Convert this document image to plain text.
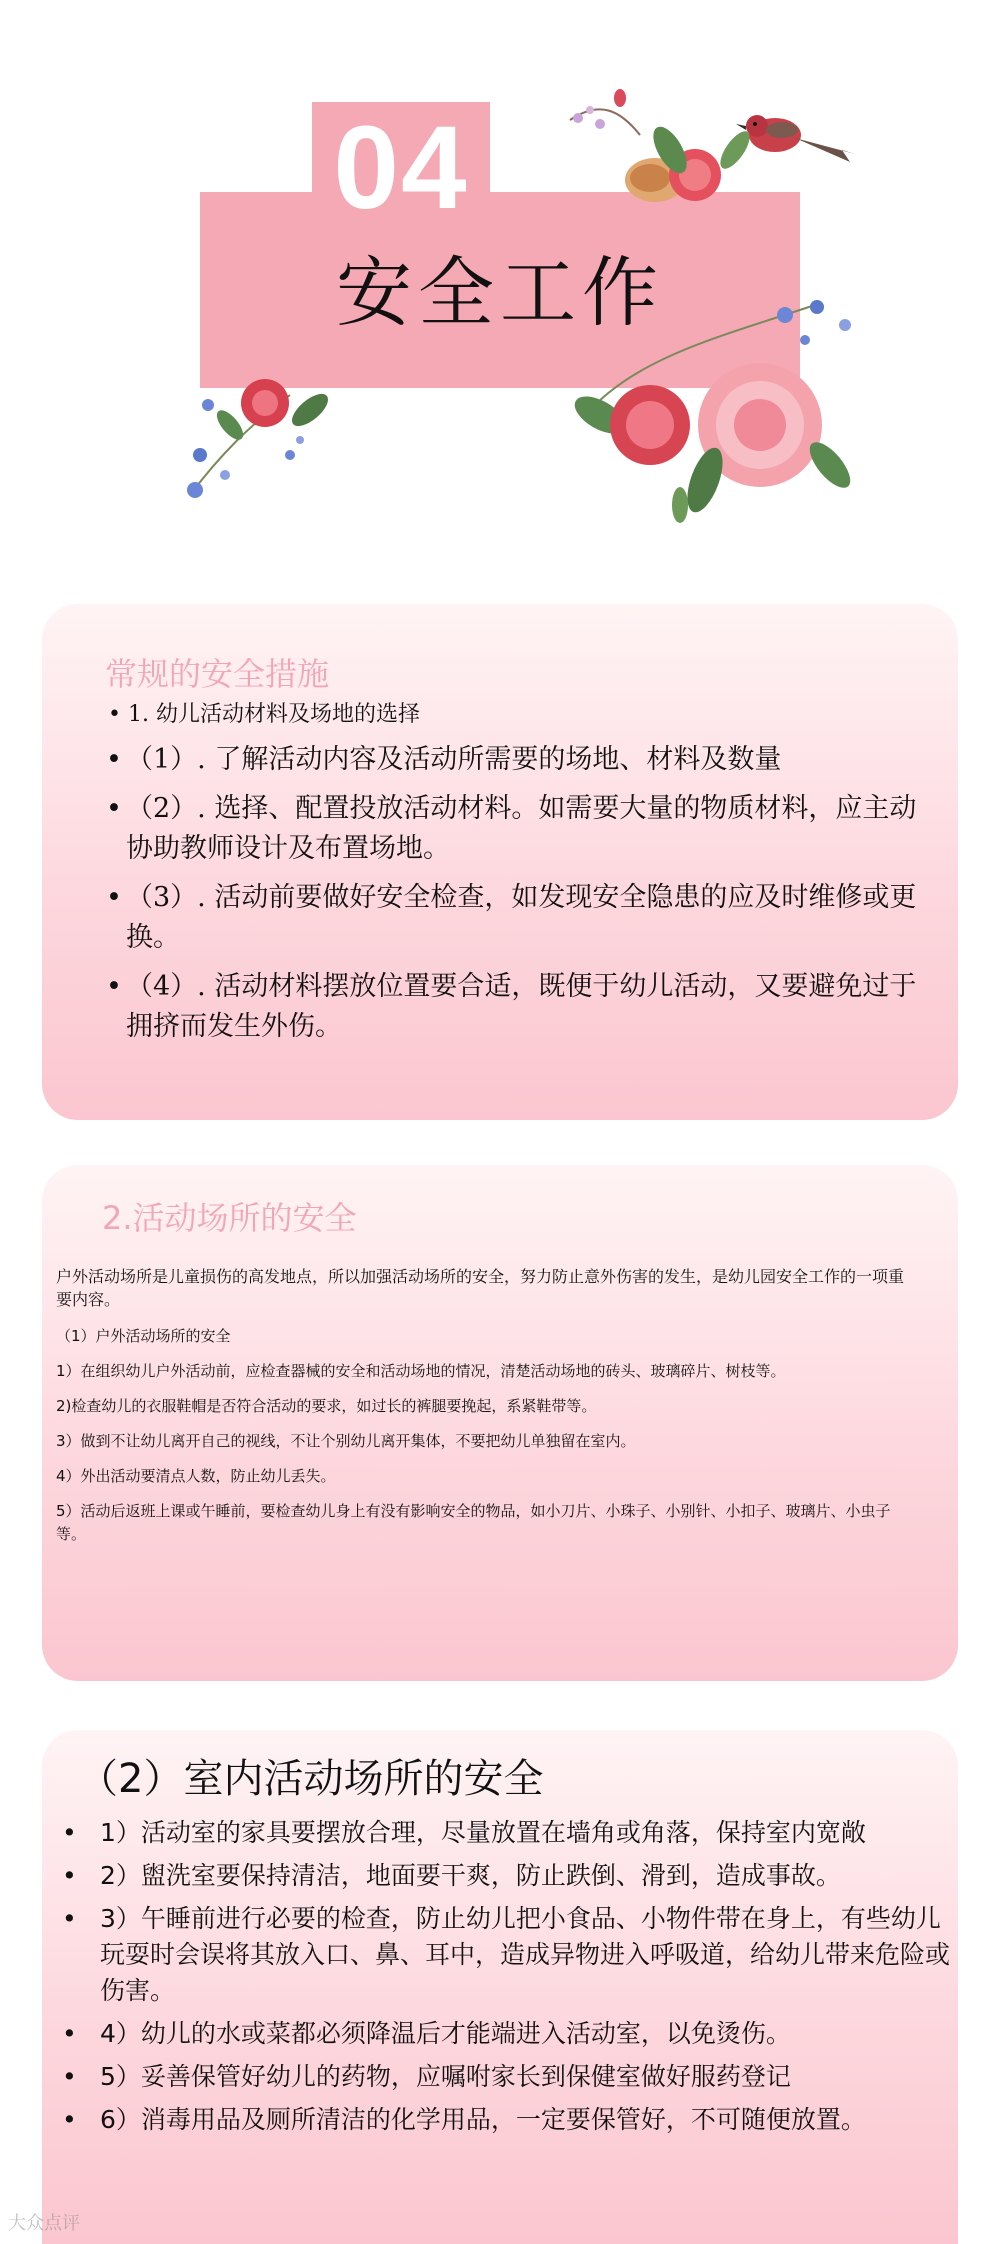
04
安全工作
常规的安全措施
• 1. 幼儿活动材料及场地的选择
• （1）. 了解活动内容及活动所需要的场地、材料及数量
• （2）. 选择、配置投放活动材料。如需要大量的物质材料，应主动协助教师设计及布置场地。
• （3）. 活动前要做好安全检查，如发现安全隐患的应及时维修或更换。
• （4）. 活动材料摆放位置要合适，既便于幼儿活动，又要避免过于拥挤而发生外伤。
2.活动场所的安全
户外活动场所是儿童损伤的高发地点，所以加强活动场所的安全，努力防止意外伤害的发生，是幼儿园安全工作的一项重要内容。
（1）户外活动场所的安全
1）在组织幼儿户外活动前，应检查器械的安全和活动场地的情况，清楚活动场地的砖头、玻璃碎片、树枝等。
2)检查幼儿的衣服鞋帽是否符合活动的要求，如过长的裤腿要挽起，系紧鞋带等。
3）做到不让幼儿离开自己的视线，不让个别幼儿离开集体，不要把幼儿单独留在室内。
4）外出活动要清点人数，防止幼儿丢失。
5）活动后返班上课或午睡前，要检查幼儿身上有没有影响安全的物品，如小刀片、小珠子、小别针、小扣子、玻璃片、小虫子等。
（2）室内活动场所的安全
• 1）活动室的家具要摆放合理，尽量放置在墙角或角落，保持室内宽敞
• 2）盥洗室要保持清洁，地面要干爽，防止跌倒、滑到，造成事故。
• 3）午睡前进行必要的检查，防止幼儿把小食品、小物件带在身上，有些幼儿玩耍时会误将其放入口、鼻、耳中，造成异物进入呼吸道，给幼儿带来危险或伤害。
• 4）幼儿的水或菜都必须降温后才能端进入活动室，以免烫伤。
• 5）妥善保管好幼儿的药物，应嘱咐家长到保健室做好服药登记
• 6）消毒用品及厕所清洁的化学用品，一定要保管好，不可随便放置。
大众点评
